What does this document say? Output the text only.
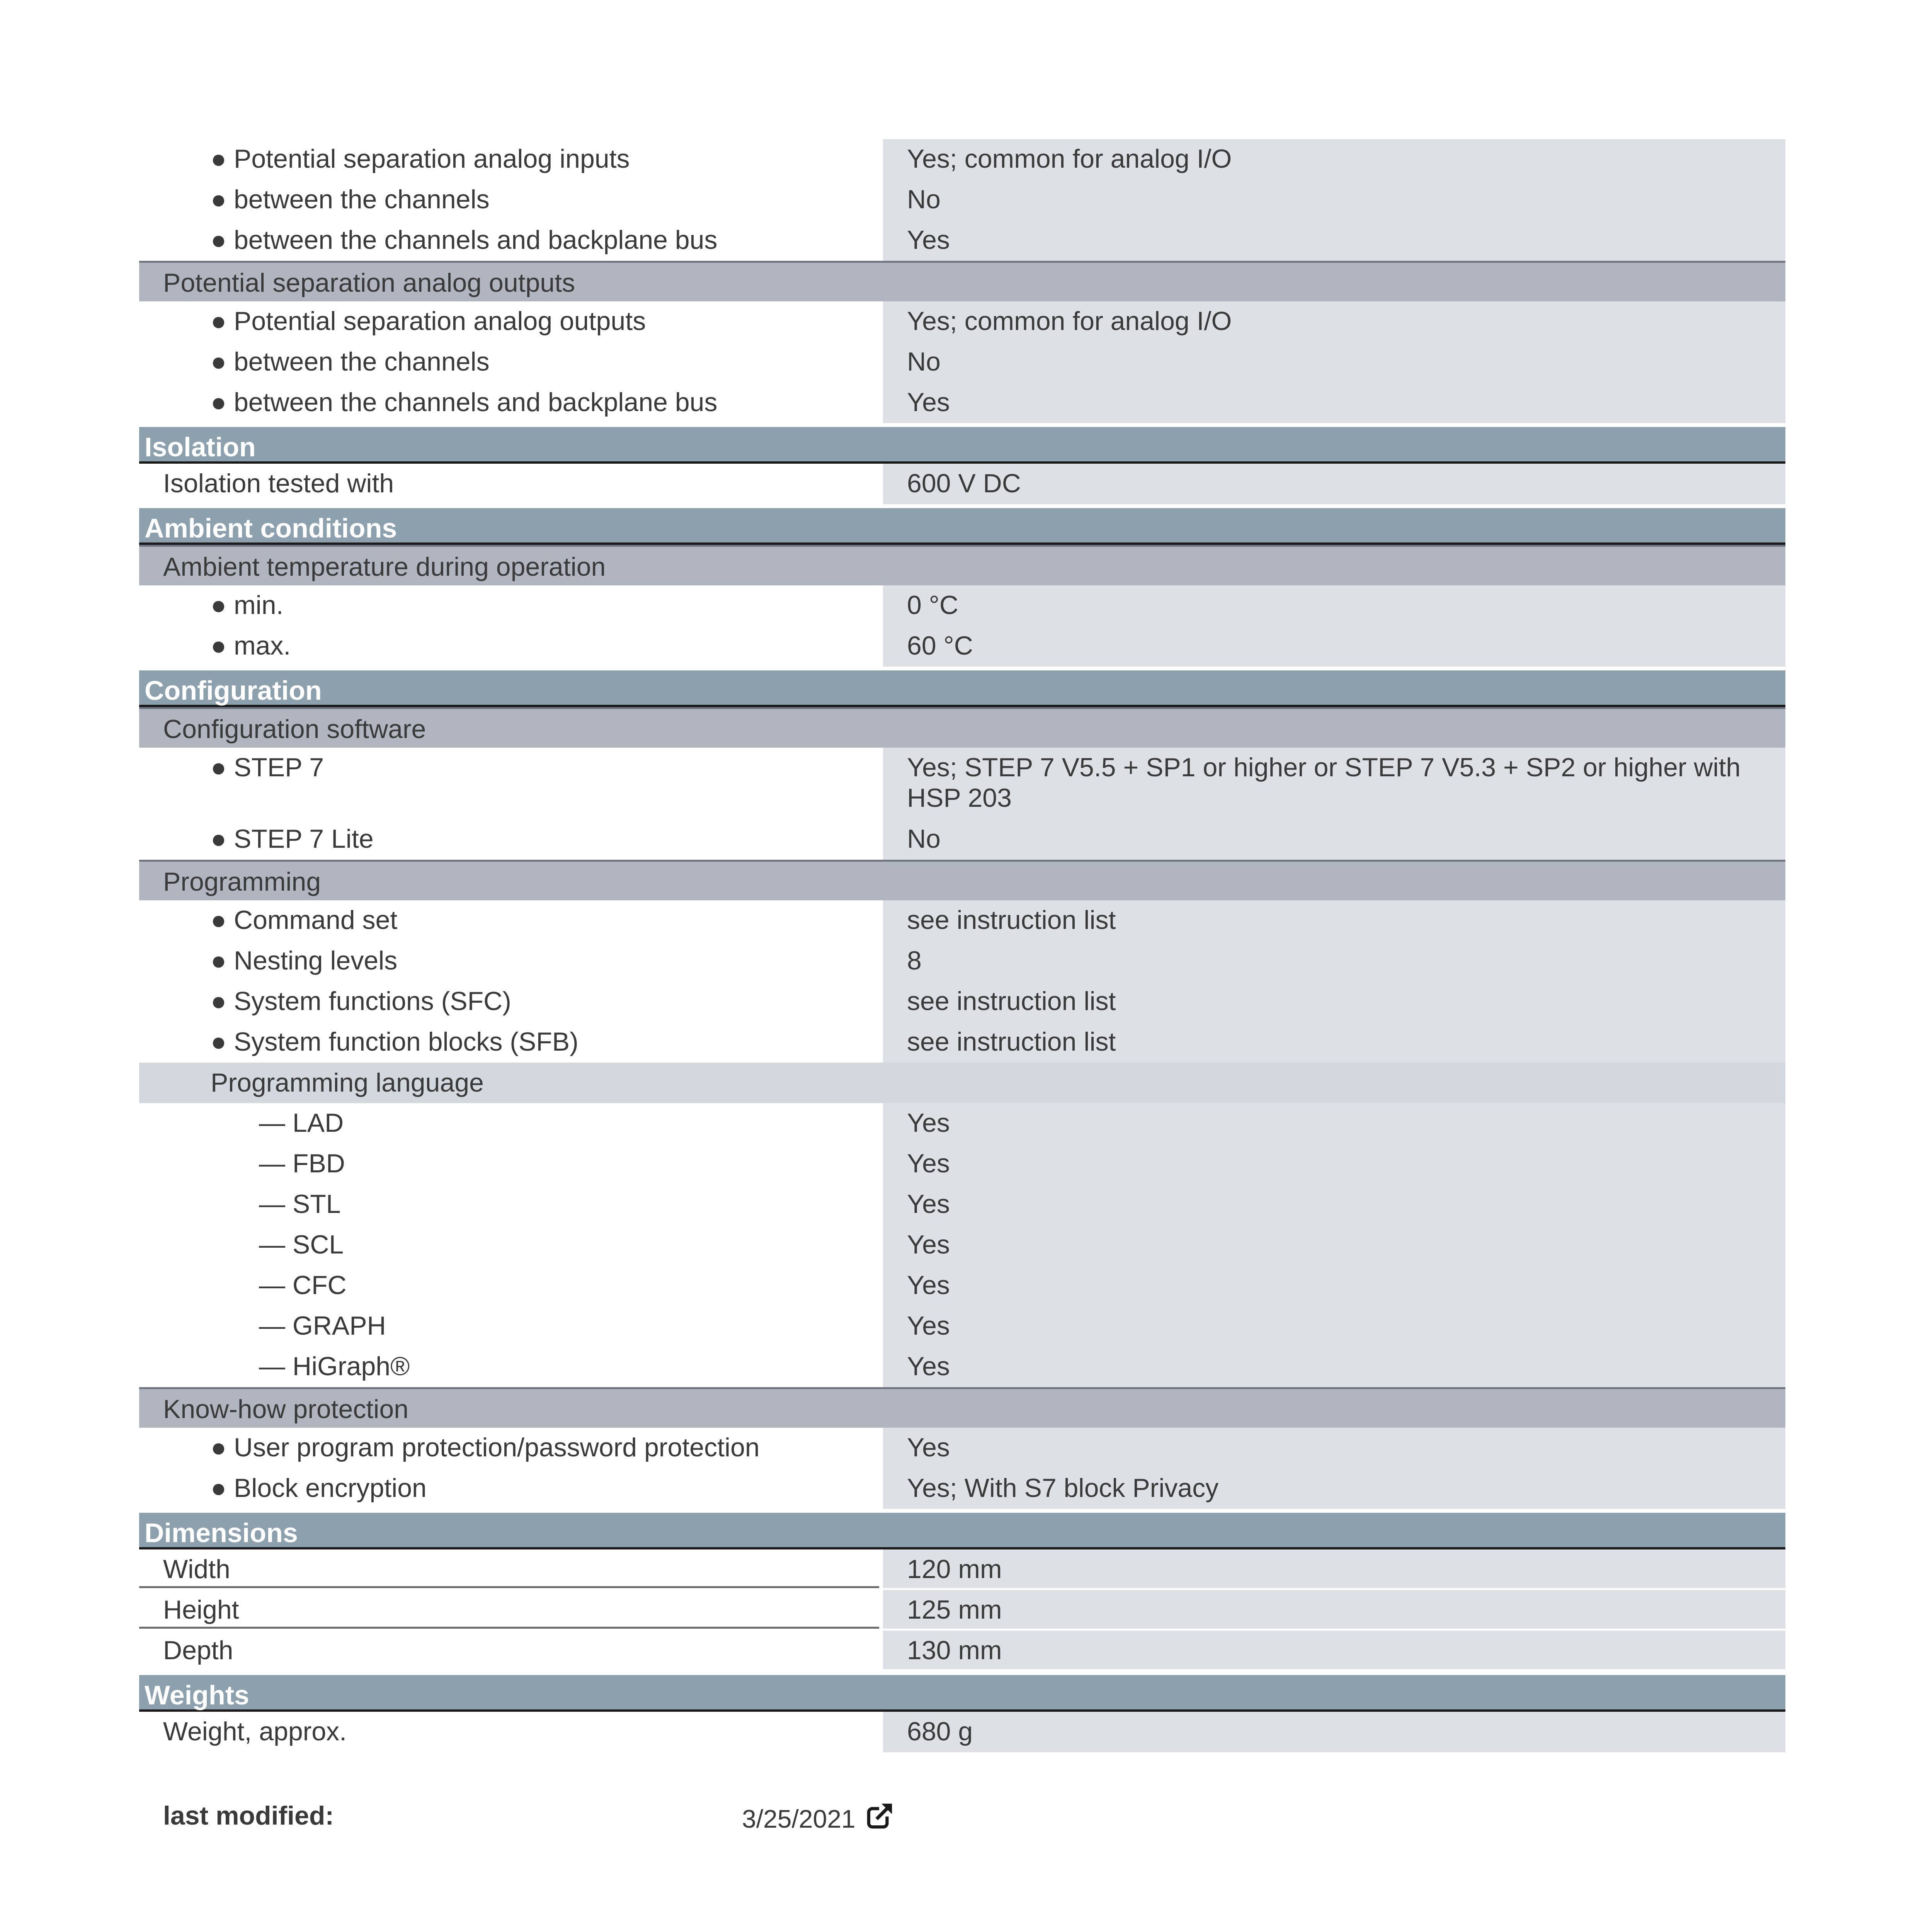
● Potential separation analog inputs	Yes; common for analog I/O
● between the channels	No
● between the channels and backplane bus	Yes
Potential separation analog outputs
● Potential separation analog outputs	Yes; common for analog I/O
● between the channels	No
● between the channels and backplane bus	Yes
Isolation
Isolation tested with	600 V DC
Ambient conditions
Ambient temperature during operation
● min.	0 °C
● max.	60 °C
Configuration
Configuration software
● STEP 7	Yes; STEP 7 V5.5 + SP1 or higher or STEP 7 V5.3 + SP2 or higher with HSP 203
● STEP 7 Lite	No
Programming
● Command set	see instruction list
● Nesting levels	8
● System functions (SFC)	see instruction list
● System function blocks (SFB)	see instruction list
Programming language
— LAD	Yes
— FBD	Yes
— STL	Yes
— SCL	Yes
— CFC	Yes
— GRAPH	Yes
— HiGraph®	Yes
Know-how protection
● User program protection/password protection	Yes
● Block encryption	Yes; With S7 block Privacy
Dimensions
Width	120 mm
Height	125 mm
Depth	130 mm
Weights
Weight, approx.	680 g
last modified:	3/25/2021
